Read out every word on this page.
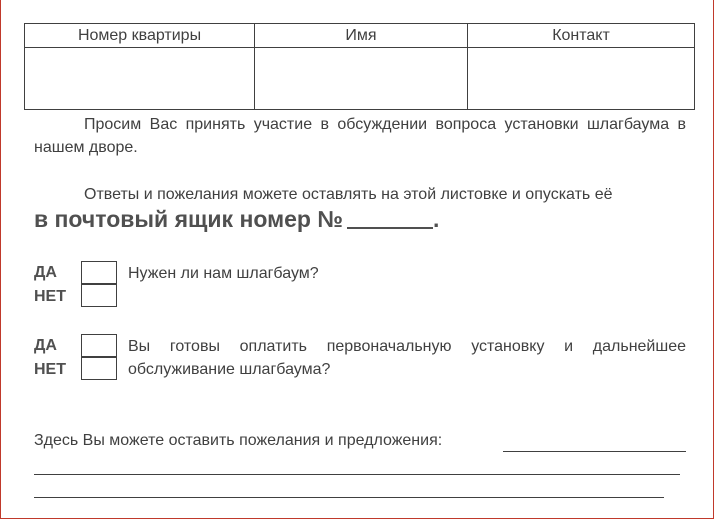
Номер квартиры	Имя	Контакт

Просим Вас принять участие в обсуждении вопроса установки шлагбаума в нашем дворе.

Ответы и пожелания можете оставлять на этой листовке и опускать её

в почтовый ящик номер №	.
ДА
НЕТ

Нужен ли нам шлагбаум?

ДА
НЕТ

Вы готовы оплатить первоначальную установку и дальнейшее обслуживание шлагбаума?

Здесь Вы можете оставить пожелания и предложения:
